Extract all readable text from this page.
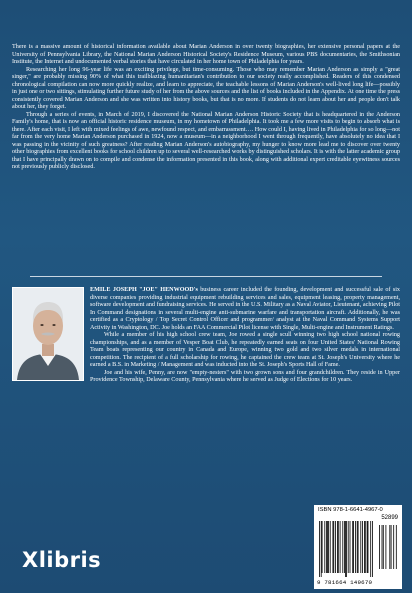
There is a massive amount of historical information available about Marian Anderson in over twenty biographies, her extensive personal papers at the University of Pennsylvania Library, the National Marian Anderson Historical Society's Residence Museum, various PBS documentaries, the Smithsonian Institute, the Internet and undocumented verbal stories that have circulated in her home town of Philadelphia for years.

Researching her long 96-year life was an exciting privilege, but time-consuming. Those who may remember Marian Anderson as simply a "great singer," are probably missing 90% of what this trailblazing humanitarian's contribution to our society really accomplished. Readers of this condensed chronological compilation can now more quickly realize, and learn to appreciate, the teachable lessons of Marian Anderson's well-lived long life—possibly in just one or two sittings, stimulating further future study of her from the above sources and the list of books included in the Appendix. At one time the press consistently covered Marian Anderson and she was written into history books, but that is no more. If students do not learn about her and people don't talk about her, they forget.

Through a series of events, in March of 2019, I discovered the National Marian Anderson Historic Society that is headquartered in the Anderson Family's home, that is now an official historic residence museum, in my hometown of Philadelphia. It took me a few more visits to begin to absorb what is there. After each visit, I left with mixed feelings of awe, newfound respect, and embarrassment…. How could I, having lived in Philadelphia for so long—not far from the very home Marian Anderson purchased in 1924, now a museum—in a neighborhood I went through frequently, have absolutely no idea that I was passing in the vicinity of such greatness? After reading Marian Anderson's autobiography, my hunger to know more lead me to discover over twenty other biographies from excellent books for school children up to several well-researched works by distinguished scholars. It is with the latter academic group that I have principally drawn on to compile and condense the information presented in this book, along with additional expert creditable eyewitness sources not previously publicly disclosed.

EMILE JOSEPH "JOE" HENWOOD's business career included the founding, development and successful sale of six diverse companies providing industrial equipment rebuilding services and sales, equipment leasing, property management, software development and fundraising services. He served in the U.S. Military as a Naval Aviator, Lieutenant, achieving Pilot In Command designations in several multi-engine anti-submarine warfare and transportation aircraft. Additionally, he was certified as a Cryptology / Top Secret Control Officer and programmer/ analyst at the Naval Command Systems Support Activity in Washington, DC. Joe holds an FAA Commercial Pilot license with Single, Multi-engine and Instrument Ratings.

While a member of his high school crew team, Joe rowed a single scull winning two high school national rowing championships, and as a member of Vesper Boat Club, he repeatedly earned seats on four United States' National Rowing Team boats representing our country in Canada and Europe, winning two gold and two silver medals in international competition. The recipient of a full scholarship for rowing, he captained the crew team at St. Joseph's University where he earned a B.S. in Marketing / Management and was inducted into the St. Joseph's Sports Hall of Fame.

Joe and his wife, Penny, are now "empty-nesters" with two grown sons and four grandchildren. They reside in Upper Providence Township, Delaware County, Pennsylvania where he served as Judge of Elections for 10 years.

Xlibris
ISBN 978-1-6641-4967-0
52899
9 781664 149670
